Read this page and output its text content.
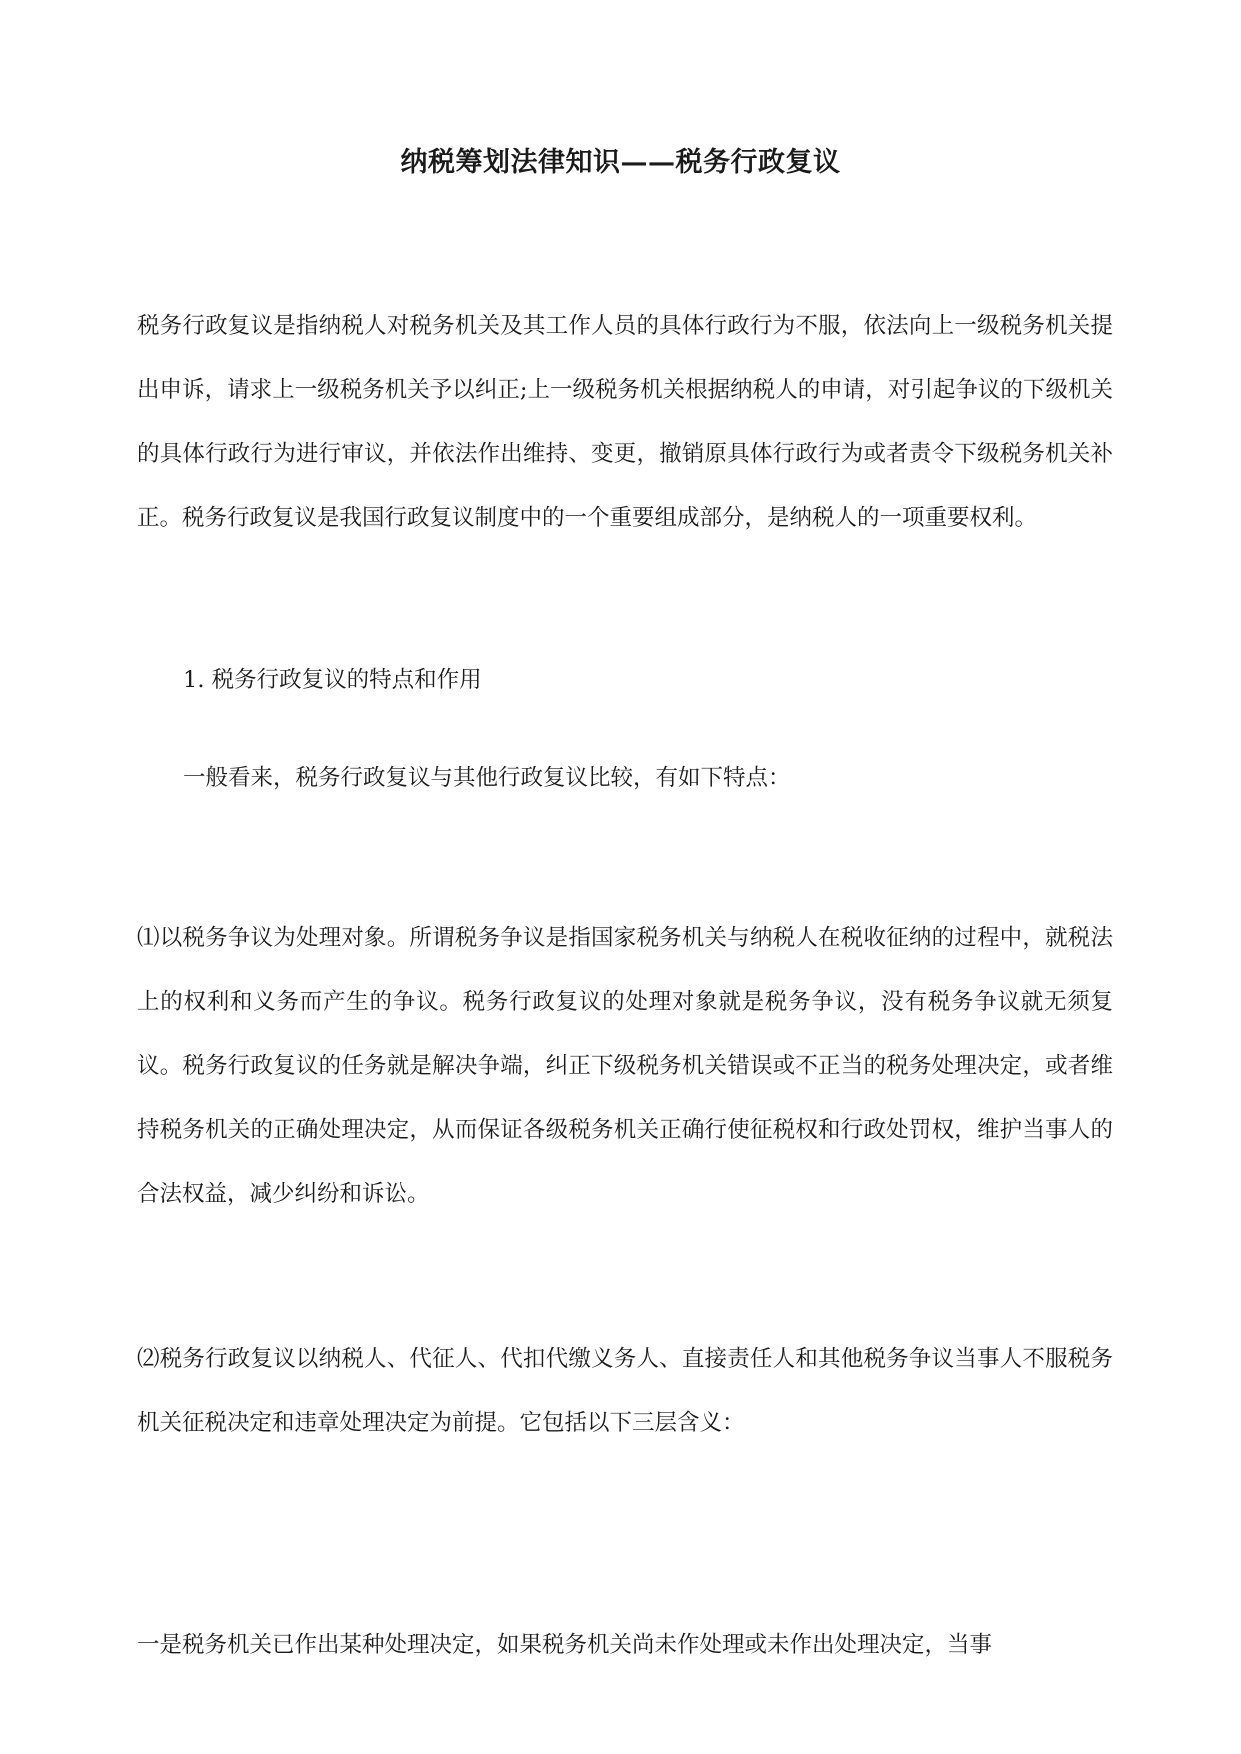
纳税筹划法律知识——税务行政复议

税务行政复议是指纳税人对税务机关及其工作人员的具体行政行为不服，依法向上一级税务机关提出申诉，请求上一级税务机关予以纠正;上一级税务机关根据纳税人的申请，对引起争议的下级机关的具体行政行为进行审议，并依法作出维持、变更，撤销原具体行政行为或者责令下级税务机关补正。税务行政复议是我国行政复议制度中的一个重要组成部分，是纳税人的一项重要权利。

1. 税务行政复议的特点和作用

一般看来，税务行政复议与其他行政复议比较，有如下特点：

⑴以税务争议为处理对象。所谓税务争议是指国家税务机关与纳税人在税收征纳的过程中，就税法上的权利和义务而产生的争议。税务行政复议的处理对象就是税务争议，没有税务争议就无须复议。税务行政复议的任务就是解决争端，纠正下级税务机关错误或不正当的税务处理决定，或者维持税务机关的正确处理决定，从而保证各级税务机关正确行使征税权和行政处罚权，维护当事人的合法权益，减少纠纷和诉讼。

⑵税务行政复议以纳税人、代征人、代扣代缴义务人、直接责任人和其他税务争议当事人不服税务机关征税决定和违章处理决定为前提。它包括以下三层含义：

一是税务机关已作出某种处理决定，如果税务机关尚未作处理或未作出处理决定，当事
